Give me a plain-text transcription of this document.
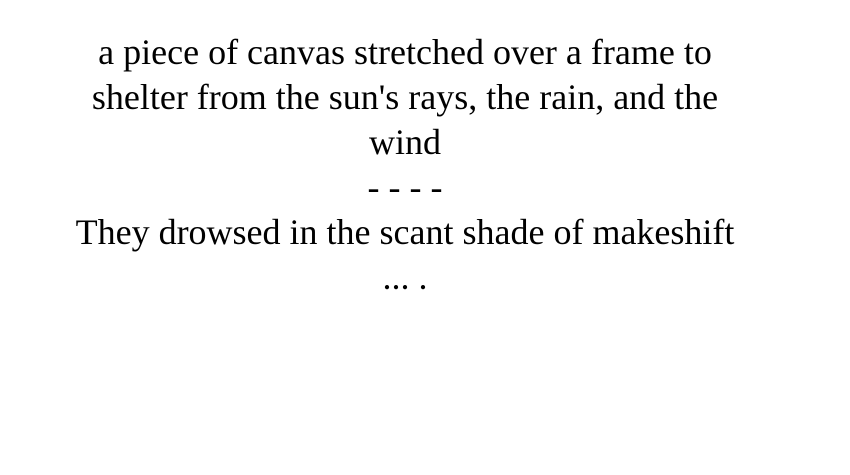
a piece of canvas stretched over a frame to shelter from the sun's rays, the rain, and the wind
- - - -
They drowsed in the scant shade of makeshift
... .
